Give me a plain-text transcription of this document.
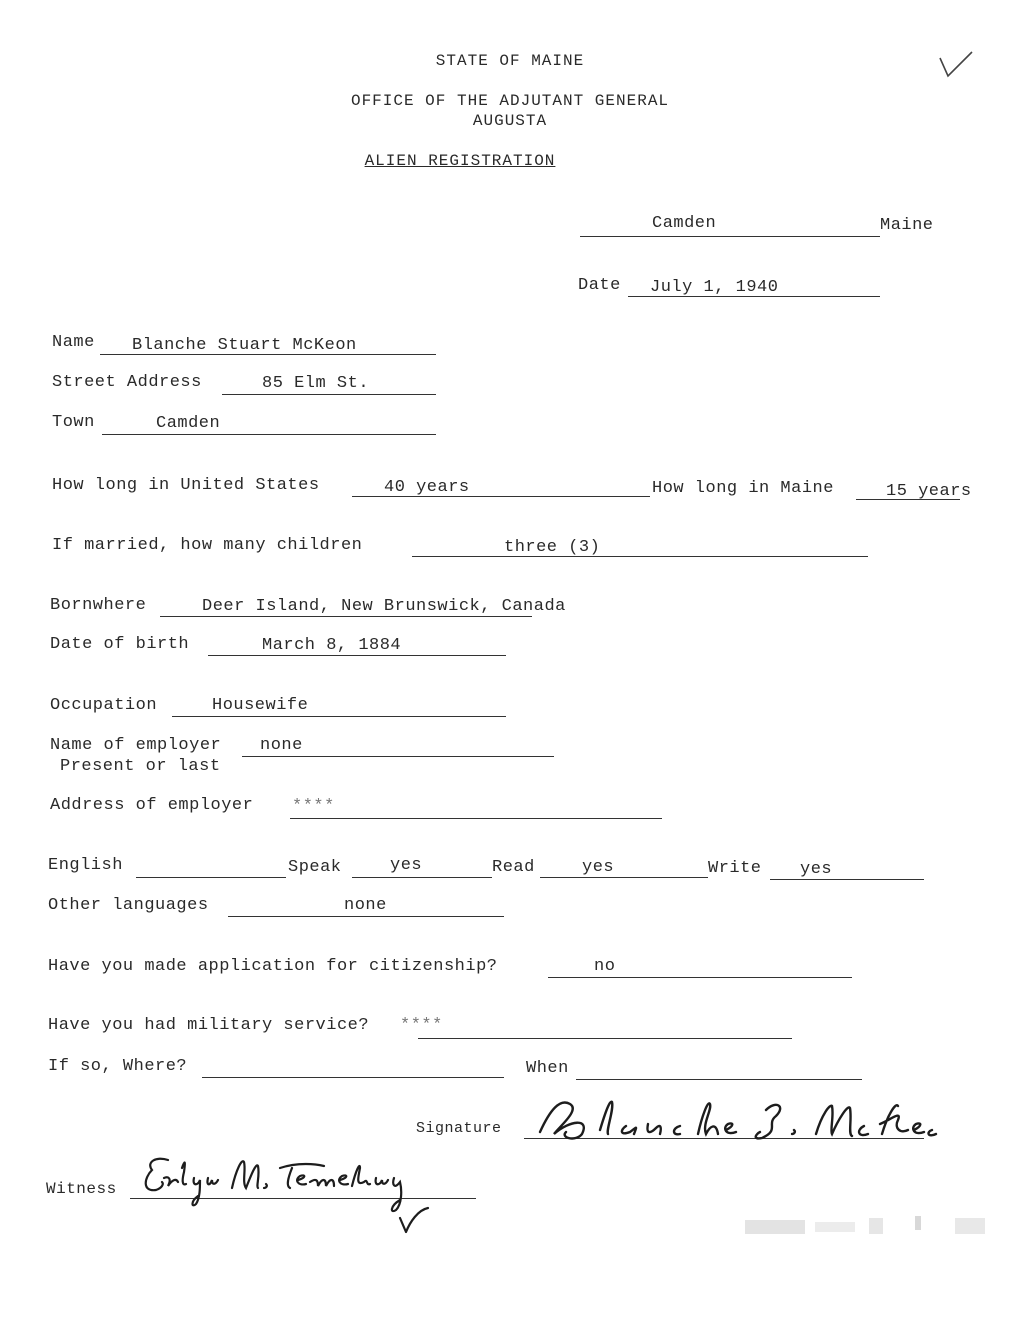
STATE OF MAINE
OFFICE OF THE ADJUTANT GENERAL
AUGUSTA
ALIEN REGISTRATION
Camden	Maine
Date July 1, 1940
Name Blanche Stuart McKeon
Street Address	85 Elm St.
Town	Camden
How long in United States	40 years	How long in Maine	15 years
If married, how many children	three (3)
Bornwhere	Deer Island, New Brunswick, Canada
Date of birth	March 8, 1884
Occupation	Housewife
Name of employer none
Present or last
Address of employer ****
English	Speak	yes	Read	yes	Write yes
Other languages	none
Have you made application for citizenship?	no
Have you had military service? ****
If so, Where?	When
Signature
Witness
